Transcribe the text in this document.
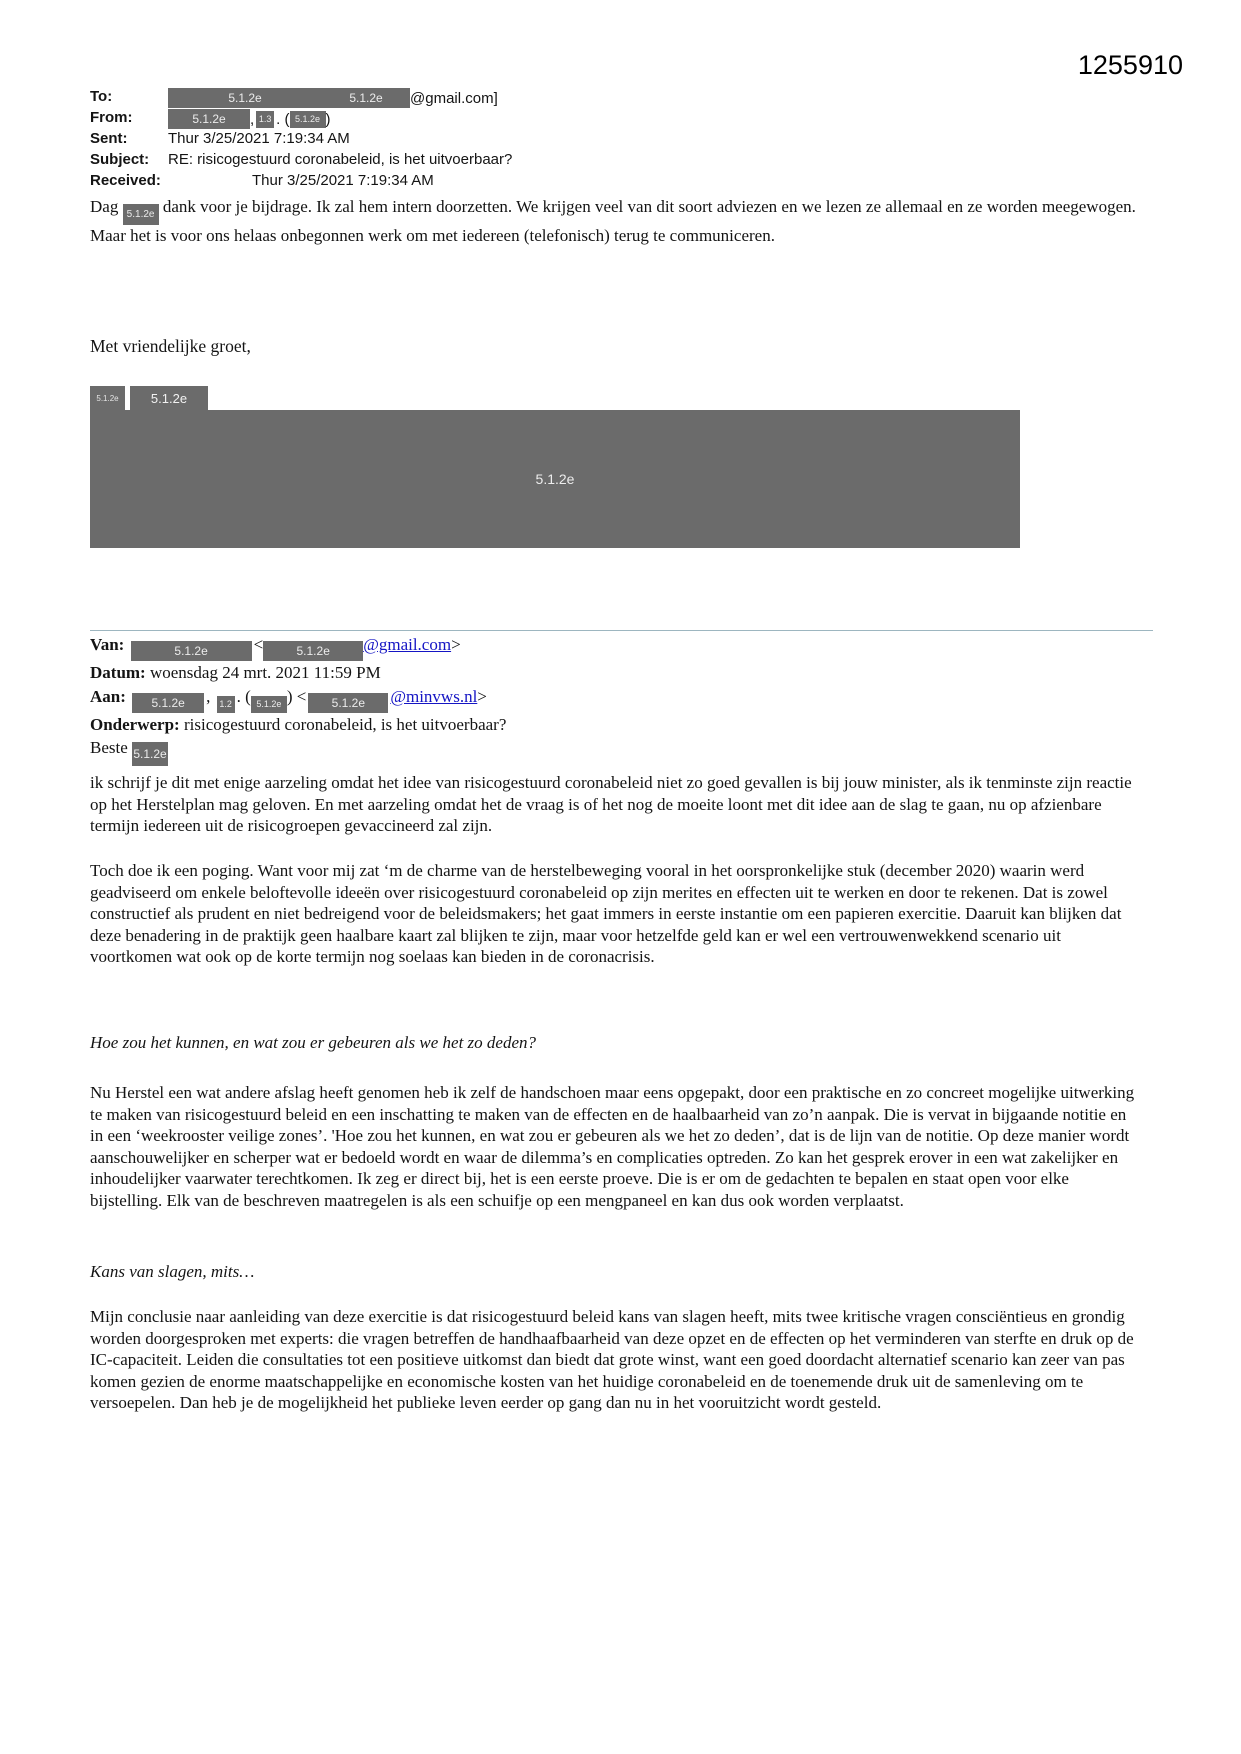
1255910
To:	5.1.2e	5.1.2e	@gmail.com]
From:	5.1.2e	, 1.3 . ( 5.1.2e )
Sent:	Thur 3/25/2021 7:19:34 AM
Subject:	RE: risicogestuurd coronabeleid, is het uitvoerbaar?
Received:	Thur 3/25/2021 7:19:34 AM
Dag 5.1.2e dank voor je bijdrage. Ik zal hem intern doorzetten. We krijgen veel van dit soort adviezen en we lezen ze allemaal en ze worden meegewogen. Maar het is voor ons helaas onbegonnen werk om met iedereen (telefonisch) terug te communiceren.
Met vriendelijke groet,
5.1.2e	5.1.2e
5.1.2e
Van:	5.1.2e	<	5.1.2e @gmail.com>
Datum: woensdag 24 mrt. 2021 11:59 PM
Aan: 5.1.2e , 1.2 . ( 5.1.2e ) < 5.1.2e @minvws.nl>
Onderwerp: risicogestuurd coronabeleid, is het uitvoerbaar?
Beste 5.1.2e
ik schrijf je dit met enige aarzeling omdat het idee van risicogestuurd coronabeleid niet zo goed gevallen is bij jouw minister, als ik tenminste zijn reactie op het Herstelplan mag geloven. En met aarzeling omdat het de vraag is of het nog de moeite loont met dit idee aan de slag te gaan, nu op afzienbare termijn iedereen uit de risicogroepen gevaccineerd zal zijn.
Toch doe ik een poging. Want voor mij zat ‘m de charme van de herstelbeweging vooral in het oorspronkelijke stuk (december 2020) waarin werd geadviseerd om enkele beloftevolle ideeën over risicogestuurd coronabeleid op zijn merites en effecten uit te werken en door te rekenen. Dat is zowel constructief als prudent en niet bedreigend voor de beleidsmakers; het gaat immers in eerste instantie om een papieren exercitie. Daaruit kan blijken dat deze benadering in de praktijk geen haalbare kaart zal blijken te zijn, maar voor hetzelfde geld kan er wel een vertrouwenwekkend scenario uit voortkomen wat ook op de korte termijn nog soelaas kan bieden in de coronacrisis.
Hoe zou het kunnen, en wat zou er gebeuren als we het zo deden?
Nu Herstel een wat andere afslag heeft genomen heb ik zelf de handschoen maar eens opgepakt, door een praktische en zo concreet mogelijke uitwerking te maken van risicogestuurd beleid en een inschatting te maken van de effecten en de haalbaarheid van zo’n aanpak. Die is vervat in bijgaande notitie en in een ‘weekrooster veilige zones’. 'Hoe zou het kunnen, en wat zou er gebeuren als we het zo deden’, dat is de lijn van de notitie. Op deze manier wordt aanschouwelijker en scherper wat er bedoeld wordt en waar de dilemma’s en complicaties optreden. Zo kan het gesprek erover in een wat zakelijker en inhoudelijker vaarwater terechtkomen. Ik zeg er direct bij, het is een eerste proeve. Die is er om de gedachten te bepalen en staat open voor elke bijstelling. Elk van de beschreven maatregelen is als een schuifje op een mengpaneel en kan dus ook worden verplaatst.
Kans van slagen, mits…
Mijn conclusie naar aanleiding van deze exercitie is dat risicogestuurd beleid kans van slagen heeft, mits twee kritische vragen consciëntieus en grondig worden doorgesproken met experts: die vragen betreffen de handhaafbaarheid van deze opzet en de effecten op het verminderen van sterfte en druk op de IC-capaciteit. Leiden die consultaties tot een positieve uitkomst dan biedt dat grote winst, want een goed doordacht alternatief scenario kan zeer van pas komen gezien de enorme maatschappelijke en economische kosten van het huidige coronabeleid en de toenemende druk uit de samenleving om te versoepelen. Dan heb je de mogelijkheid het publieke leven eerder op gang dan nu in het vooruitzicht wordt gesteld.
